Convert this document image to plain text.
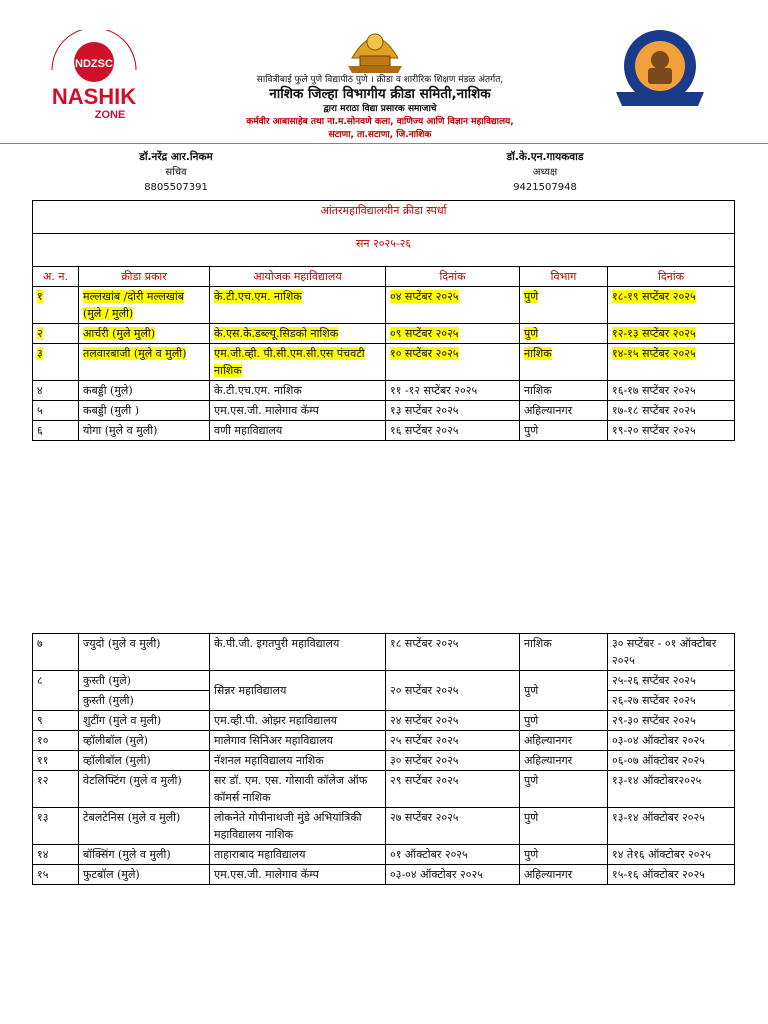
NDZSC
NASHIK
ZONE
सावित्रीबाई फुले पुणे विद्यापीठ पुणे । क्रीडा व शारीरिक शिक्षण मंडळ अंतर्गत,
नाशिक जिल्हा विभागीय क्रीडा समिती,नाशिक
द्वारा मराठा विद्या प्रसारक समाजाचे
कर्मवीर आबासाहेब तथा ना.म.सोनवणे कला, वाणिज्य आणि विज्ञान महाविद्यालय,
सटाणा, ता.सटाणा, जि.नाशिक
डॉ.नरेंद्र आर.निकम
सचिव
8805507391
डॉ.के.एन.गायकवाड
अध्यक्ष
9421507948
आंतरमहाविद्यालयीन क्रीडा स्पर्धा					
सन २०२५-२६					
अ. न.	क्रीडा प्रकार	आयोजक महाविद्यालय	दिनांक	विभाग	दिनांक
१	मल्लखांब /दोरी मल्लखांब (मुले / मुली)	के.टी.एच.एम. नाशिक	०४ सप्टेंबर २०२५	पुणे	१८-१९ सप्टेंबर २०२५
२	आर्चरी (मुले मुली)	के.एस.के.डब्ल्यू.सिडको नाशिक	०९ सप्टेंबर २०२५	पुणे	१२-१३ सप्टेंबर २०२५
३	तलवारबाजी (मुले व मुली)	एम.जी.व्ही. पी.सी.एम.सी.एस पंचवटी नाशिक	१० सप्टेंबर २०२५	नाशिक	१४-१५ सप्टेंबर २०२५
४	कबड्डी (मुले)	के.टी.एच.एम. नाशिक	११ -१२ सप्टेंबर २०२५	नाशिक	१६-१७ सप्टेंबर २०२५
५	कबड्डी (मुली )	एम.एस.जी. मालेगाव कॅम्प	१३ सप्टेंबर २०२५	अहिल्यानगर	१७-१८ सप्टेंबर २०२५
६	योगा (मुले व मुली)	वणी महाविद्यालय	१६ सप्टेंबर २०२५	पुणे	१९-२० सप्टेंबर २०२५
७	ज्युदो (मुले व मुली)	के.पी.जी. इगतपुरी महाविद्यालय	१८ सप्टेंबर २०२५	नाशिक	३० सप्टेंबर - ०१ ऑक्टोबर २०२५
८	कुस्ती (मुले)	सिन्नर महाविद्यालय	२० सप्टेंबर २०२५	पुणे	२५-२६ सप्टेंबर २०२५
	कुस्ती (मुली)				२६-२७ सप्टेंबर २०२५
९	शुटींग (मुले व मुली)	एम.व्ही.पी. ओझर महाविद्यालय	२४ सप्टेंबर २०२५	पुणे	२९-३० सप्टेंबर २०२५
१०	व्हॉलीबॉल (मुले)	मालेगाव सिनिअर महाविद्यालय	२५ सप्टेंबर २०२५	अहिल्यानगर	०३-०४ ऑक्टोबर २०२५
११	व्हॉलीबॉल (मुली)	नॅशनल महाविद्यालय नाशिक	३० सप्टेंबर २०२५	अहिल्यानगर	०६-०७ ऑक्टोबर २०२५
१२	वेटलिफ्टिंग (मुले व मुली)	सर डॉ. एम. एस. गोसावी कॉलेज ऑफ कॉमर्स नाशिक	२९ सप्टेंबर २०२५	पुणे	१३-१४ ऑक्टोबर२०२५
१३	टेबलटेनिस (मुले व मुली)	लोकनेते गोपीनाथजी मुंडे अभियांत्रिकी महाविद्यालय नाशिक	२७ सप्टेंबर २०२५	पुणे	१३-१४ ऑक्टोबर २०२५
१४	बॉक्सिंग (मुले व मुली)	ताहाराबाद महाविद्यालय	०१ ऑक्टोबर २०२५	पुणे	१४ ते१६ ऑक्टोबर २०२५
१५	फुटबॉल (मुले)	एम.एस.जी. मालेगाव कॅम्प	०३-०४ ऑक्टोबर २०२५	अहिल्यानगर	१५-१६ ऑक्टोबर २०२५
